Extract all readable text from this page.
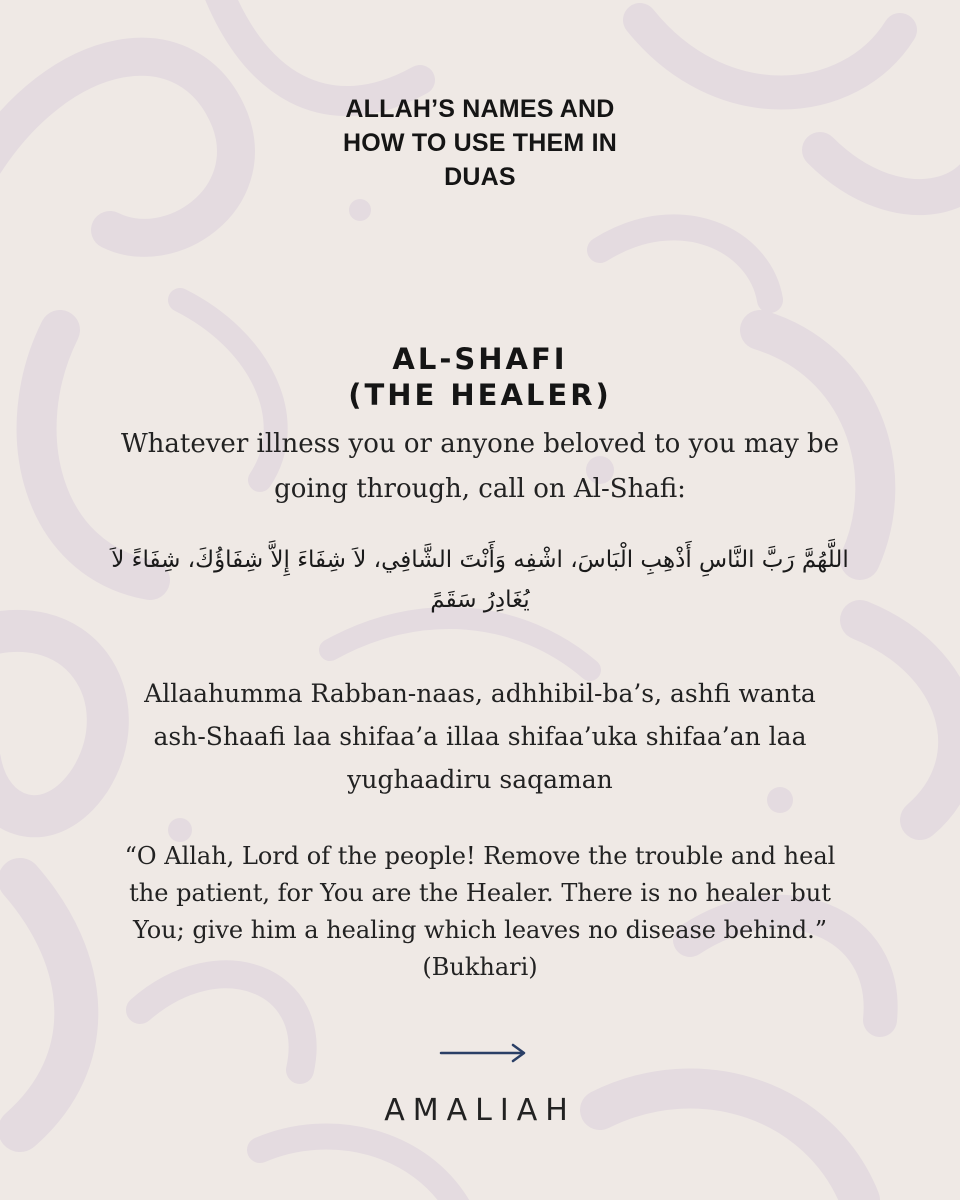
ALLAH’S NAMES AND
HOW TO USE THEM IN
DUAS
AL-SHAFI
(THE HEALER)
Whatever illness you or anyone beloved to you may be
going through, call on Al-Shafi:
اللَّهُمَّ رَبَّ النَّاسِ أَذْهِبِ الْبَاسَ، اشْفِه وَأَنْتَ الشَّافِي، لاَ شِفَاءَ إِلاَّ شِفَاؤُكَ، شِفَاءً لاَ
يُغَادِرُ سَقَمً
Allaahumma Rabban-naas, adhhibil-ba’s, ashfi wanta
ash-Shaafi laa shifaa’a illaa shifaa’uka shifaa’an laa
yughaadiru saqaman
“O Allah, Lord of the people! Remove the trouble and heal
the patient, for You are the Healer. There is no healer but
You; give him a healing which leaves no disease behind.”
(Bukhari)
AMALIAH
